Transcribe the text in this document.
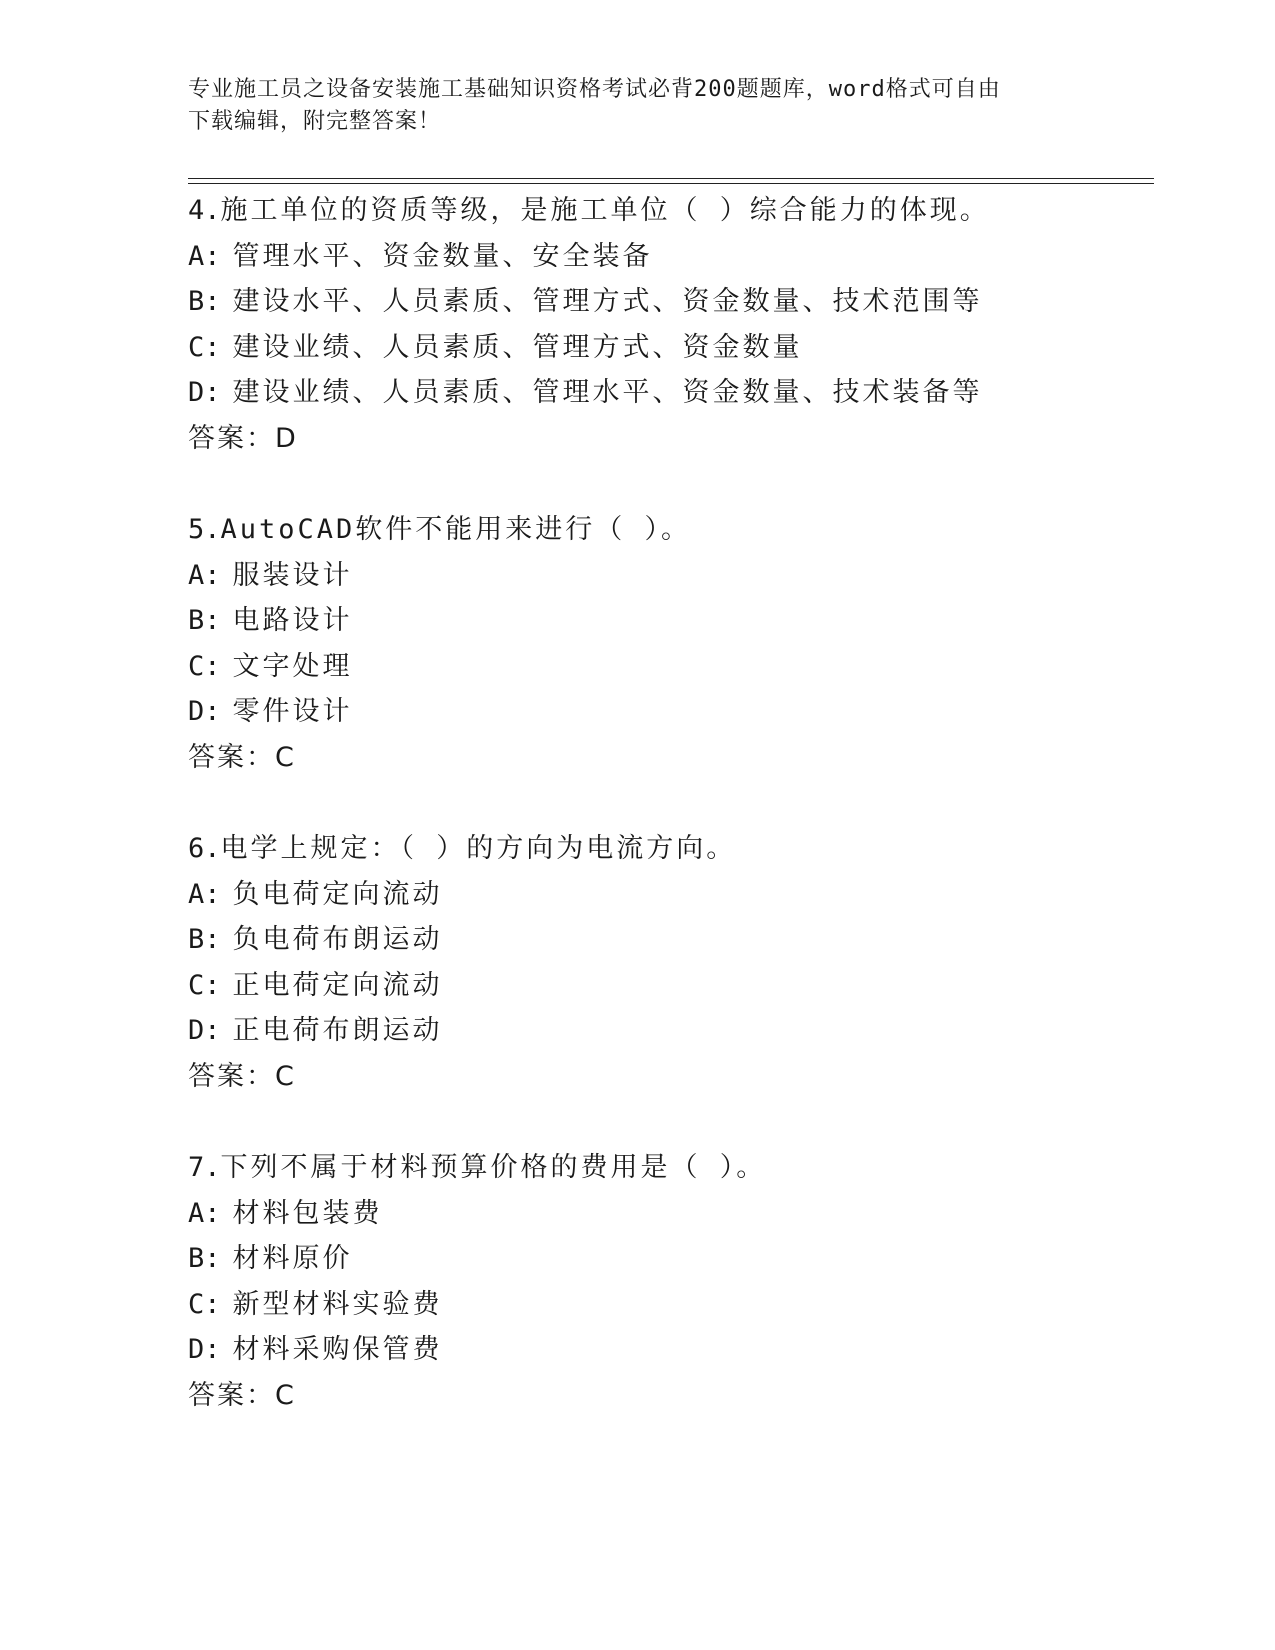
专业施工员之设备安装施工基础知识资格考试必背200题题库，word格式可自由
下载编辑，附完整答案！
4.施工单位的资质等级，是施工单位（ ）综合能力的体现。
A: 管理水平、资金数量、安全装备
B: 建设水平、人员素质、管理方式、资金数量、技术范围等
C: 建设业绩、人员素质、管理方式、资金数量
D: 建设业绩、人员素质、管理水平、资金数量、技术装备等
答案：D
5.AutoCAD软件不能用来进行（ ）。
A: 服装设计
B: 电路设计
C: 文字处理
D: 零件设计
答案：C
6.电学上规定：（ ）的方向为电流方向。
A: 负电荷定向流动
B: 负电荷布朗运动
C: 正电荷定向流动
D: 正电荷布朗运动
答案：C
7.下列不属于材料预算价格的费用是（ ）。
A: 材料包装费
B: 材料原价
C: 新型材料实验费
D: 材料采购保管费
答案：C
